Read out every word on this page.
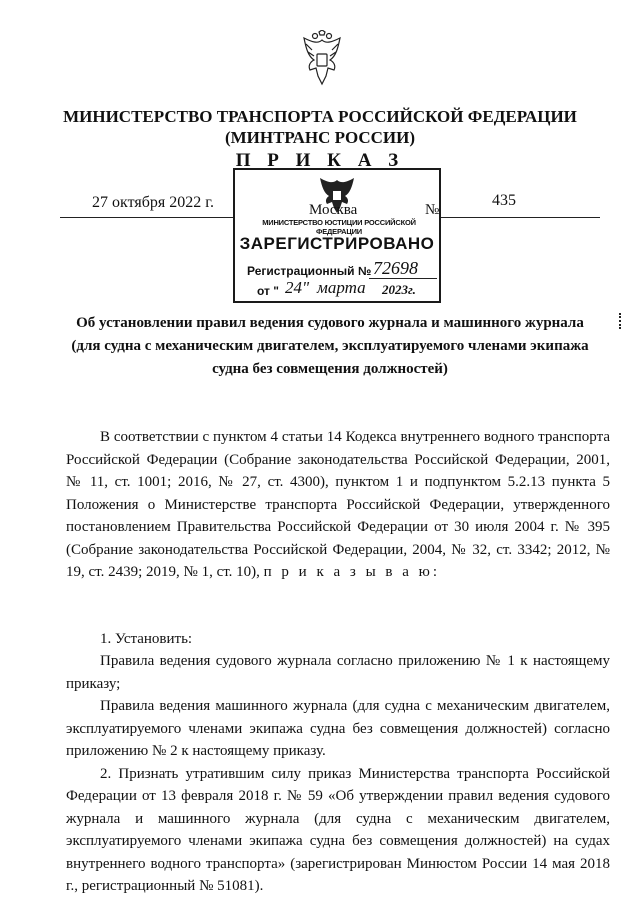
МИНИСТЕРСТВО ТРАНСПОРТА РОССИЙСКОЙ ФЕДЕРАЦИИ
(МИНТРАНС РОССИИ)
П Р И К А З
27 октября 2022 г.	435
Москва	№
МИНИСТЕРСТВО ЮСТИЦИИ РОССИЙСКОЙ ФЕДЕРАЦИИ
ЗАРЕГИСТРИРОВАНО
Регистрационный № 72698
от " 24" марта 2023г.
Об установлении правил ведения судового журнала и машинного журнала
(для судна с механическим двигателем, эксплуатируемого членами экипажа
судна без совмещения должностей)

В соответствии с пунктом 4 статьи 14 Кодекса внутреннего водного транспорта Российской Федерации (Собрание законодательства Российской Федерации, 2001, № 11, ст. 1001; 2016, № 27, ст. 4300), пунктом 1 и подпунктом 5.2.13 пункта 5 Положения о Министерстве транспорта Российской Федерации, утвержденного постановлением Правительства Российской Федерации от 30 июля 2004 г. № 395 (Собрание законодательства Российской Федерации, 2004, № 32, ст. 3342; 2012, № 19, ст. 2439; 2019, № 1, ст. 10), п р и к а з ы в а ю:

1. Установить:

Правила ведения судового журнала согласно приложению № 1 к настоящему приказу;

Правила ведения машинного журнала (для судна с механическим двигателем, эксплуатируемого членами экипажа судна без совмещения должностей) согласно приложению № 2 к настоящему приказу.

2. Признать утратившим силу приказ Министерства транспорта Российской Федерации от 13 февраля 2018 г. № 59 «Об утверждении правил ведения судового журнала и машинного журнала (для судна с механическим двигателем, эксплуатируемого членами экипажа судна без совмещения должностей) на судах внутреннего водного транспорта» (зарегистрирован Минюстом России 14 мая 2018 г., регистрационный № 51081).
